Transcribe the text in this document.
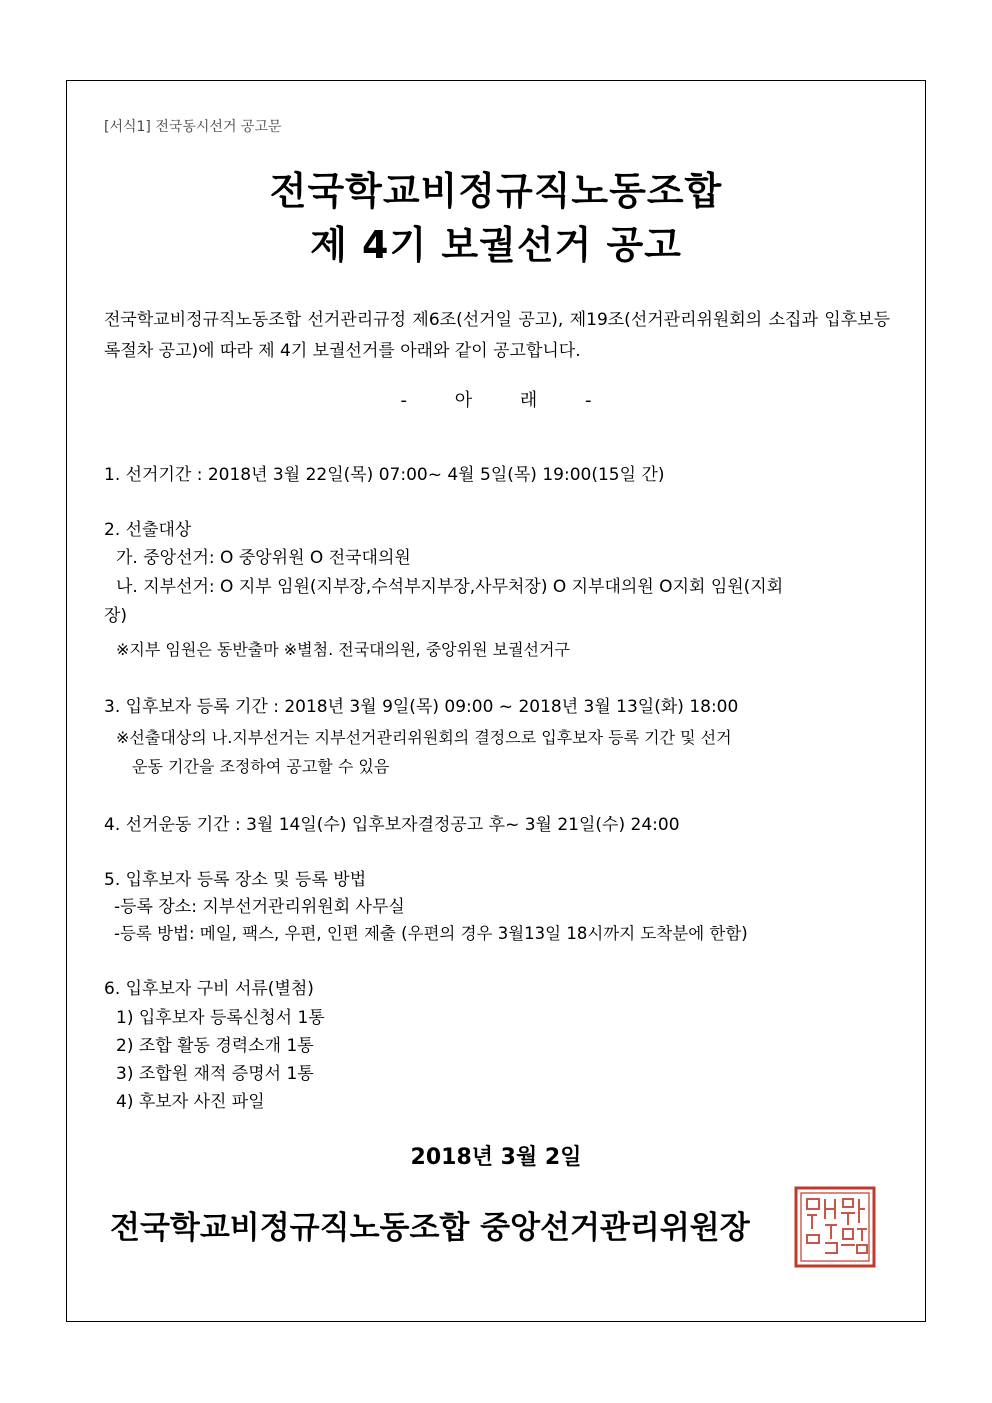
[서식1] 전국동시선거 공고문
전국학교비정규직노동조합
제 4기 보궐선거 공고
전국학교비정규직노동조합 선거관리규정 제6조(선거일 공고), 제19조(선거관리위원회의 소집과 입후보등록절차 공고)에 따라 제 4기 보궐선거를 아래와 같이 공고합니다.
- 아 래 -
1. 선거기간 : 2018년 3월 22일(목) 07:00~ 4월 5일(목) 19:00(15일 간)
2. 선출대상
가. 중앙선거: O 중앙위원 O 전국대의원
나. 지부선거: O 지부 임원(지부장,수석부지부장,사무처장) O 지부대의원 O지회 임원(지회
장)
※지부 임원은 동반출마 ※별첨. 전국대의원, 중앙위원 보궐선거구
3. 입후보자 등록 기간 : 2018년 3월 9일(목) 09:00 ~ 2018년 3월 13일(화) 18:00
※선출대상의 나.지부선거는 지부선거관리위원회의 결정으로 입후보자 등록 기간 및 선거
운동 기간을 조정하여 공고할 수 있음
4. 선거운동 기간 : 3월 14일(수) 입후보자결정공고 후~ 3월 21일(수) 24:00
5. 입후보자 등록 장소 및 등록 방법
-등록 장소: 지부선거관리위원회 사무실
-등록 방법: 메일, 팩스, 우편, 인편 제출 (우편의 경우 3월13일 18시까지 도착분에 한함)
6. 입후보자 구비 서류(별첨)
1) 입후보자 등록신청서 1통
2) 조합 활동 경력소개 1통
3) 조합원 재적 증명서 1통
4) 후보자 사진 파일
2018년 3월 2일
전국학교비정규직노동조합 중앙선거관리위원장
